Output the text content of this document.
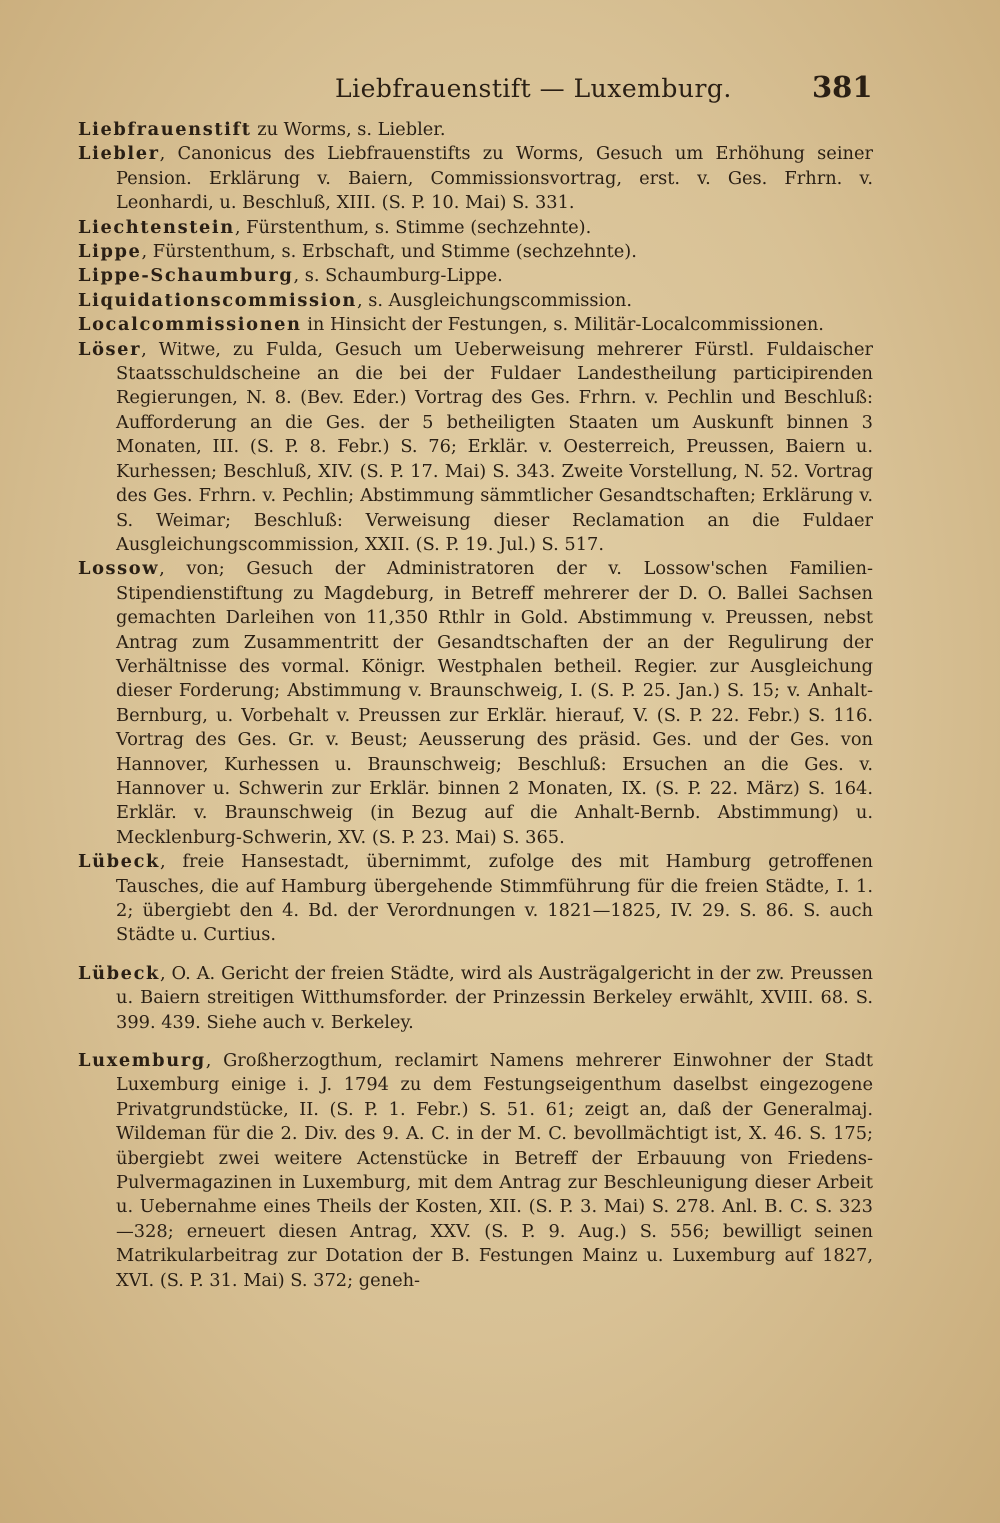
Liebfrauenstift — Luxemburg.	381

Liebfrauenstift zu Worms, s. Liebler.

Liebler, Canonicus des Liebfrauenstifts zu Worms, Gesuch um Erhöhung seiner Pension. Erklärung v. Baiern, Commissionsvortrag, erst. v. Ges. Frhrn. v. Leonhardi, u. Beschluß, XIII. (S. P. 10. Mai) S. 331.

Liechtenstein, Fürstenthum, s. Stimme (sechzehnte).

Lippe, Fürstenthum, s. Erbschaft, und Stimme (sechzehnte).

Lippe-Schaumburg, s. Schaumburg-Lippe.

Liquidationscommission, s. Ausgleichungscommission.

Localcommissionen in Hinsicht der Festungen, s. Militär-Localcommissionen.

Löser, Witwe, zu Fulda, Gesuch um Ueberweisung mehrerer Fürstl. Fuldaischer Staatsschuldscheine an die bei der Fuldaer Landestheilung participirenden Regierungen, N. 8. (Bev. Eder.) Vortrag des Ges. Frhrn. v. Pechlin und Beschluß: Aufforderung an die Ges. der 5 betheiligten Staaten um Auskunft binnen 3 Monaten, III. (S. P. 8. Febr.) S. 76; Erklär. v. Oesterreich, Preussen, Baiern u. Kurhessen; Beschluß, XIV. (S. P. 17. Mai) S. 343. Zweite Vorstellung, N. 52. Vortrag des Ges. Frhrn. v. Pechlin; Abstimmung sämmtlicher Gesandtschaften; Erklärung v. S. Weimar; Beschluß: Verweisung dieser Reclamation an die Fuldaer Ausgleichungscommission, XXII. (S. P. 19. Jul.) S. 517.

Lossow, von; Gesuch der Administratoren der v. Lossow'schen Familien-Stipendienstiftung zu Magdeburg, in Betreff mehrerer der D. O. Ballei Sachsen gemachten Darleihen von 11,350 Rthlr in Gold. Abstimmung v. Preussen, nebst Antrag zum Zusammentritt der Gesandtschaften der an der Regulirung der Verhältnisse des vormal. Königr. Westphalen betheil. Regier. zur Ausgleichung dieser Forderung; Abstimmung v. Braunschweig, I. (S. P. 25. Jan.) S. 15; v. Anhalt-Bernburg, u. Vorbehalt v. Preussen zur Erklär. hierauf, V. (S. P. 22. Febr.) S. 116. Vortrag des Ges. Gr. v. Beust; Aeusserung des präsid. Ges. und der Ges. von Hannover, Kurhessen u. Braunschweig; Beschluß: Ersuchen an die Ges. v. Hannover u. Schwerin zur Erklär. binnen 2 Monaten, IX. (S. P. 22. März) S. 164. Erklär. v. Braunschweig (in Bezug auf die Anhalt-Bernb. Abstimmung) u. Mecklenburg-Schwerin, XV. (S. P. 23. Mai) S. 365.

Lübeck, freie Hansestadt, übernimmt, zufolge des mit Hamburg getroffenen Tausches, die auf Hamburg übergehende Stimmführung für die freien Städte, I. 1. 2; übergiebt den 4. Bd. der Verordnungen v. 1821—1825, IV. 29. S. 86. S. auch Städte u. Curtius.

Lübeck, O. A. Gericht der freien Städte, wird als Austrägalgericht in der zw. Preussen u. Baiern streitigen Witthumsforder. der Prinzessin Berkeley erwählt, XVIII. 68. S. 399. 439. Siehe auch v. Berkeley.

Luxemburg, Großherzogthum, reclamirt Namens mehrerer Einwohner der Stadt Luxemburg einige i. J. 1794 zu dem Festungseigenthum daselbst eingezogene Privatgrundstücke, II. (S. P. 1. Febr.) S. 51. 61; zeigt an, daß der Generalmaj. Wildeman für die 2. Div. des 9. A. C. in der M. C. bevollmächtigt ist, X. 46. S. 175; übergiebt zwei weitere Actenstücke in Betreff der Erbauung von Friedens-Pulvermagazinen in Luxemburg, mit dem Antrag zur Beschleunigung dieser Arbeit u. Uebernahme eines Theils der Kosten, XII. (S. P. 3. Mai) S. 278. Anl. B. C. S. 323—328; erneuert diesen Antrag, XXV. (S. P. 9. Aug.) S. 556; bewilligt seinen Matrikularbeitrag zur Dotation der B. Festungen Mainz u. Luxemburg auf 1827, XVI. (S. P. 31. Mai) S. 372; geneh-
